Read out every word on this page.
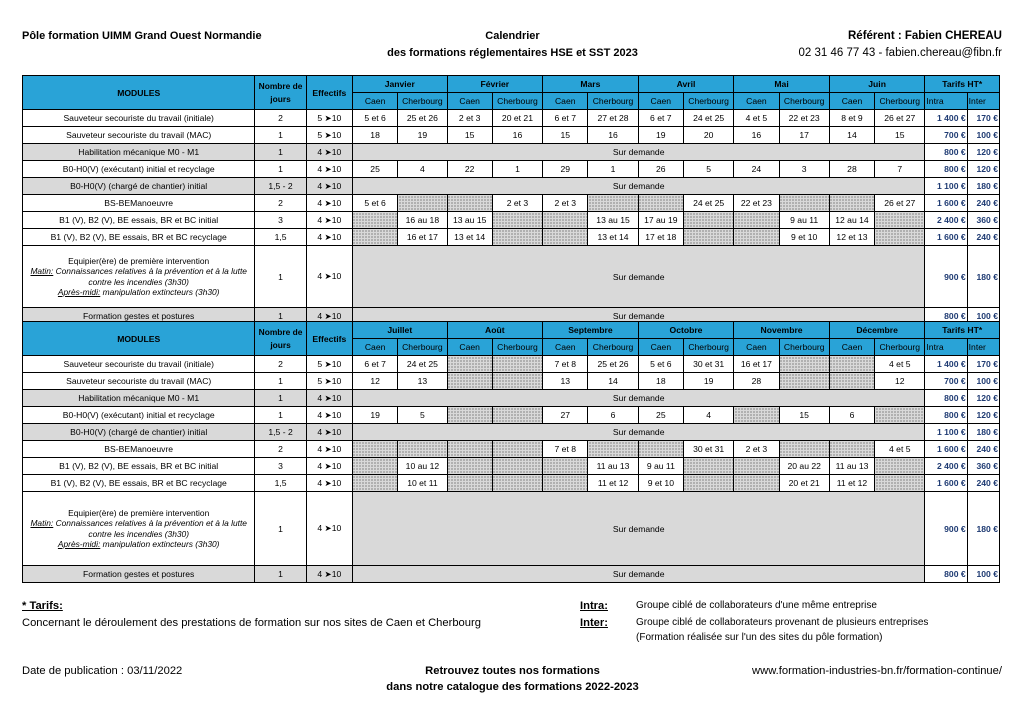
Pôle formation UIMM Grand Ouest Normandie	Calendrier
des formations réglementaires HSE et SST 2023
Référent : Fabien CHEREAU
02 31 46 77 43 - fabien.chereau@fibn.fr
MODULES	Nombre de jours	Effectifs	Janvier		Février		Mars		Avril		Mai		Juin		Tarifs HT*	
			Caen	Cherbourg	Caen	Cherbourg	Caen	Cherbourg	Caen	Cherbourg	Caen	Cherbourg	Caen	Cherbourg	Intra	Inter
Sauveteur secouriste du travail (initiale)	2	5 ➤10	5 et 6	25 et 26	2 et 3	20 et 21	6 et 7	27 et 28	6 et 7	24 et 25	4 et 5	22 et 23	8 et 9	26 et 27	1 400 €	170 €
Sauveteur secouriste du travail (MAC)	1	5 ➤10	18	19	15	16	15	16	19	20	16	17	14	15	700 €	100 €
Habilitation mécanique M0 - M1	1	4 ➤10	Sur demande												800 €	120 €
B0-H0(V) (exécutant) initial et recyclage	1	4 ➤10	25	4	22	1	29	1	26	5	24	3	28	7	800 €	120 €
B0-H0(V) (chargé de chantier) initial	1,5 - 2	4 ➤10	Sur demande												1 100 €	180 €
BS-BEManoeuvre	2	4 ➤10	5 et 6			2 et 3	2 et 3			24 et 25	22 et 23			26 et 27	1 600 €	240 €
B1 (V), B2 (V), BE essais, BR et BC initial	3	4 ➤10		16 au 18	13 au 15			13 au 15	17 au 19			9 au 11	12 au 14		2 400 €	360 €
B1 (V), B2 (V), BE essais, BR et BC recyclage	1,5	4 ➤10		16 et 17	13 et 14			13 et 14	17 et 18			9 et 10	12 et 13		1 600 €	240 €

Equipier(ère) de première intervention
Matin: Connaissances relatives à la prévention et à la lutte contre les incendies (3h30)
Après-midi: manipulation extincteurs (3h30)	1	4 ➤10	Sur demande												900 €	180 €
Formation gestes et postures	1	4 ➤10	Sur demande												800 €	100 €
MODULES	Nombre de jours	Effectifs	Juillet		Août		Septembre		Octobre		Novembre		Décembre		Tarifs HT*	
			Caen	Cherbourg	Caen	Cherbourg	Caen	Cherbourg	Caen	Cherbourg	Caen	Cherbourg	Caen	Cherbourg	Intra	Inter
Sauveteur secouriste du travail (initiale)	2	5 ➤10	6 et 7	24 et 25			7 et 8	25 et 26	5 et 6	30 et 31	16 et 17			4 et 5	1 400 €	170 €
Sauveteur secouriste du travail (MAC)	1	5 ➤10	12	13			13	14	18	19	28			12	700 €	100 €
Habilitation mécanique M0 - M1	1	4 ➤10	Sur demande												800 €	120 €
B0-H0(V) (exécutant) initial et recyclage	1	4 ➤10	19	5			27	6	25	4		15	6		800 €	120 €
B0-H0(V) (chargé de chantier) initial	1,5 - 2	4 ➤10	Sur demande												1 100 €	180 €
BS-BEManoeuvre	2	4 ➤10					7 et 8			30 et 31	2 et 3			4 et 5	1 600 €	240 €
B1 (V), B2 (V), BE essais, BR et BC initial	3	4 ➤10		10 au 12				11 au 13	9 au 11			20 au 22	11 au 13		2 400 €	360 €
B1 (V), B2 (V), BE essais, BR et BC recyclage	1,5	4 ➤10		10 et 11				11 et 12	9 et 10			20 et 21	11 et 12		1 600 €	240 €

Equipier(ère) de première intervention
Matin: Connaissances relatives à la prévention et à la lutte contre les incendies (3h30)
Après-midi: manipulation extincteurs (3h30)	1	4 ➤10	Sur demande												900 €	180 €
Formation gestes et postures	1	4 ➤10	Sur demande												800 €	100 €
* Tarifs:
Concernant le déroulement des prestations de formation sur nos sites de Caen et Cherbourg
Intra:	Groupe ciblé de collaborateurs d'une même entreprise
Inter:	Groupe ciblé de collaborateurs provenant de plusieurs entreprises
(Formation réalisée sur l'un des sites du pôle formation)
Date de publication : 03/11/2022	Retrouvez toutes nos formations
dans notre catalogue des formations 2022-2023
www.formation-industries-bn.fr/formation-continue/
